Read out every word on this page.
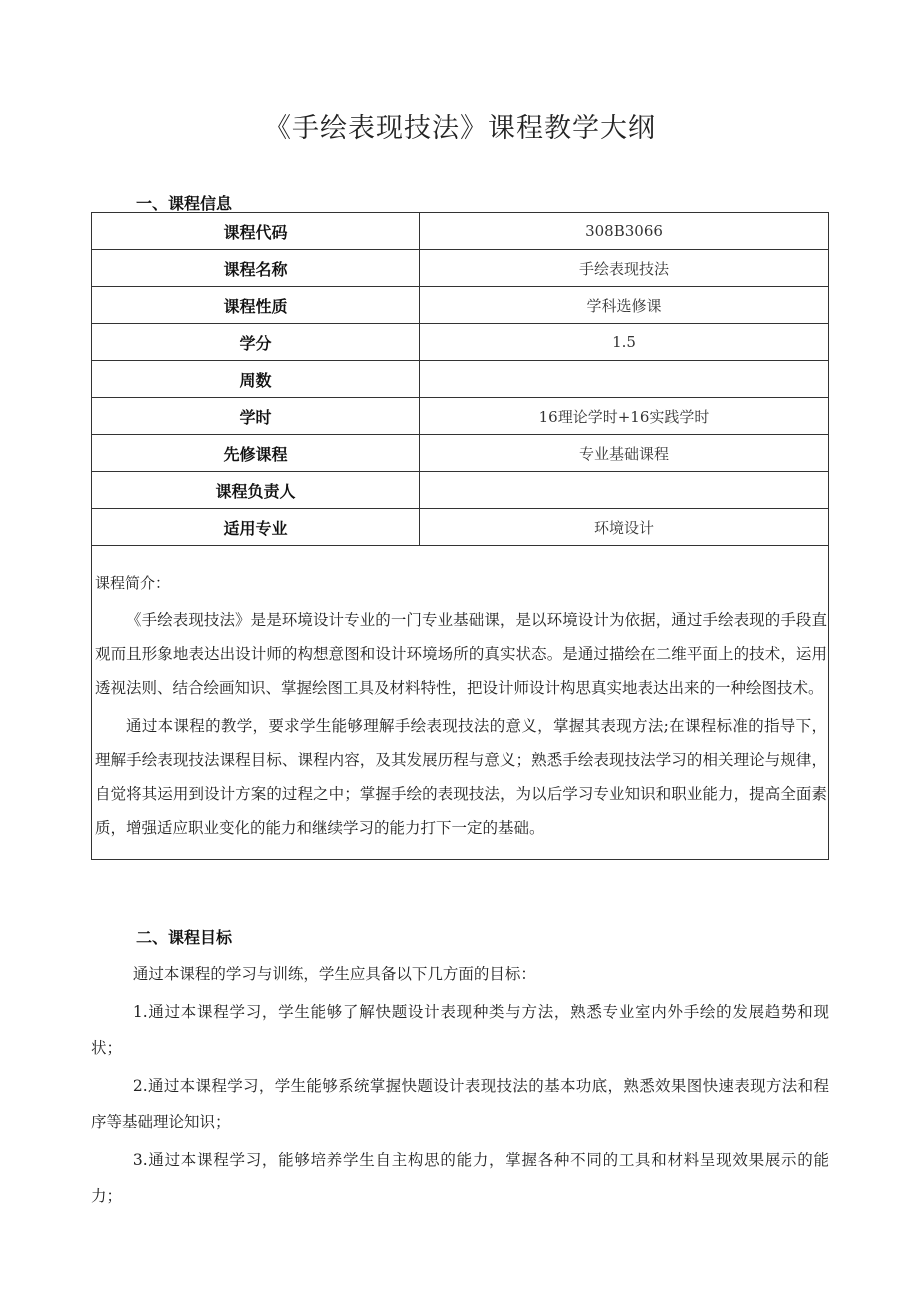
《手绘表现技法》课程教学大纲
一、课程信息
课程代码	308B3066
课程名称	手绘表现技法
课程性质	学科选修课
学分	1.5
周数	
学时	16理论学时+16实践学时
先修课程	专业基础课程
课程负责人	
适用专业	环境设计

课程简介：

《手绘表现技法》是是环境设计专业的一门专业基础课，是以环境设计为依据，通过手绘表现的手段直观而且形象地表达出设计师的构想意图和设计环境场所的真实状态。是通过描绘在二维平面上的技术，运用透视法则、结合绘画知识、掌握绘图工具及材料特性，把设计师设计构思真实地表达出来的一种绘图技术。

通过本课程的教学，要求学生能够理解手绘表现技法的意义，掌握其表现方法;在课程标准的指导下，理解手绘表现技法课程目标、课程内容，及其发展历程与意义；熟悉手绘表现技法学习的相关理论与规律，自觉将其运用到设计方案的过程之中；掌握手绘的表现技法，为以后学习专业知识和职业能力，提高全面素质，增强适应职业变化的能力和继续学习的能力打下一定的基础。	

二、课程目标

通过本课程的学习与训练，学生应具备以下几方面的目标：

1.通过本课程学习，学生能够了解快题设计表现种类与方法，熟悉专业室内外手绘的发展趋势和现状；

2.通过本课程学习，学生能够系统掌握快题设计表现技法的基本功底，熟悉效果图快速表现方法和程序等基础理论知识；

3.通过本课程学习，能够培养学生自主构思的能力，掌握各种不同的工具和材料呈现效果展示的能力；
